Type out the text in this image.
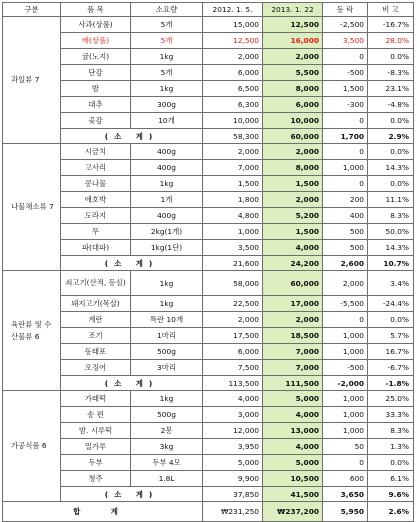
구분	품 목	소요량	2012. 1. 5.	2013. 1. 22	등 락	비 고
과일류 7	사과(상품)	5개	15,000	12,500	-2,500	-16.7%
	배(상품)	5개	12,500	16,000	3,500	28.0%
	귤(노지)	1kg	2,000	2,000	0	0.0%
	단감	5개	6,000	5,500	-500	-8.3%
	밤	1kg	6,500	8,000	1,500	23.1%
	대추	300g	6,300	6,000	-300	-4.8%
	곶감	10개	10,000	10,000	0	0.0%
	(소 계)		58,300	60,000	1,700	2.9%
나물채소류 7	시금치	400g	2,000	2,000	0	0.0%
	고사리	400g	7,000	8,000	1,000	14.3%
	콩나물	1kg	1,500	1,500	0	0.0%
	애호박	1개	1,800	2,000	200	11.1%
	도라지	400g	4,800	5,200	400	8.3%
	무	2kg(1개)	1,000	1,500	500	50.0%
	파(대파)	1kg(1단)	3,500	4,000	500	14.3%
	(소 계)		21,600	24,200	2,600	10.7%
육란류 및 수산물류 6	쇠고기(산적, 등심)	1kg	58,000	60,000	2,000	3.4%
	돼지고기(목살)	1kg	22,500	17,000	-5,500	-24.4%
	계란	특란 10개	2,000	2,000	0	0.0%
	조기	1마리	17,500	18,500	1,000	5.7%
	동태포	500g	6,000	7,000	1,000	16.7%
	오징어	3마리	7,500	7,000	-500	-6.7%
	(소 계)		113,500	111,500	-2,000	-1.8%
가공식품 6	가래떡	1kg	4,000	5,000	1,000	25.0%
	송 편	500g	3,000	4,000	1,000	33.3%
	밤. 시루떡	2봉	12,000	13,000	1,000	8.3%
	밀가루	3kg	3,950	4,000	50	1.3%
	두부	두부 4모	5,000	5,000	0	0.0%
	청주	1.8L	9,900	10,500	600	6.1%
	(소 계)		37,850	41,500	3,650	9.6%
합 계			₩231,250	₩237,200	5,950	2.6%
